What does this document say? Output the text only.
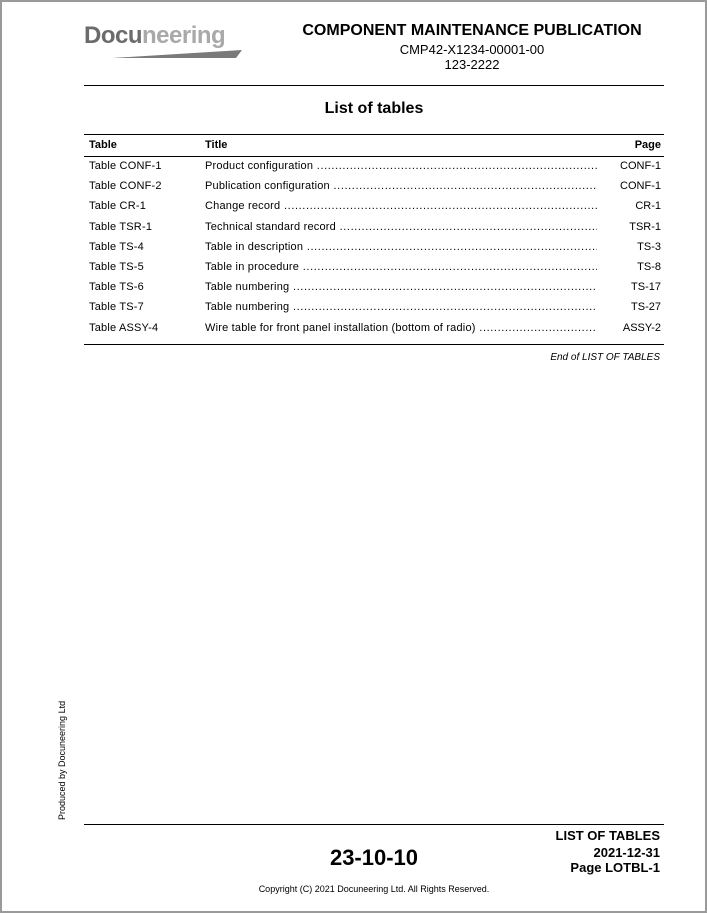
Docuneering	COMPONENT MAINTENANCE PUBLICATION
CMP42-X1234-00001-00
123-2222
List of tables
Table	Title	Page
Table CONF-1	Product configuration .....	CONF-1
Table CONF-2	Publication configuration .....	CONF-1
Table CR-1	Change record .....	CR-1
Table TSR-1	Technical standard record .....	TSR-1
Table TS-4	Table in description .....	TS-3
Table TS-5	Table in procedure .....	TS-8
Table TS-6	Table numbering .....	TS-17
Table TS-7	Table numbering .....	TS-27
Table ASSY-4	Wire table for front panel installation (bottom of radio) .....	ASSY-2
End of LIST OF TABLES
Produced by Docuneering Ltd
23-10-10
LIST OF TABLES
2021-12-31
Page LOTBL-1
Copyright (C) 2021 Docuneering Ltd. All Rights Reserved.
